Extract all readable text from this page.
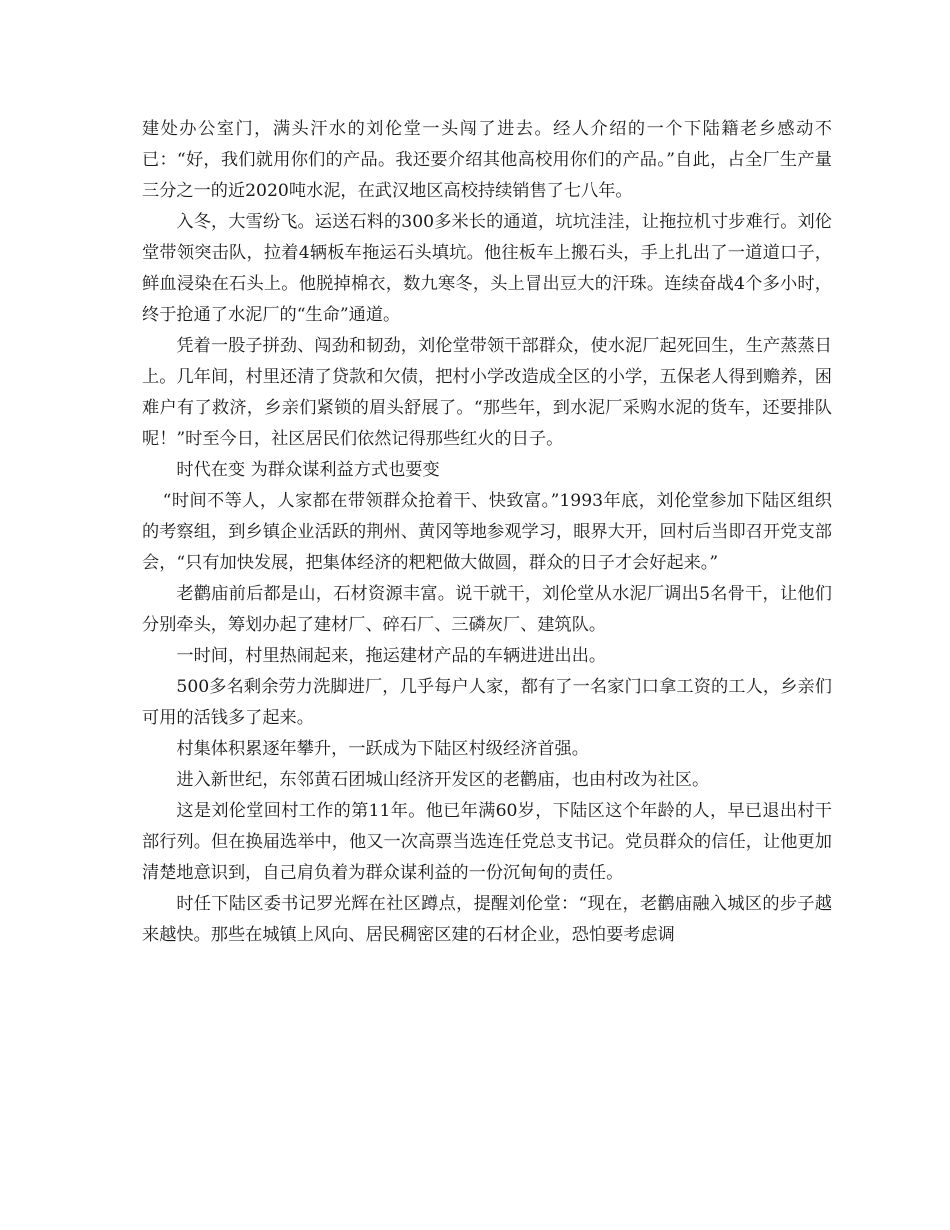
建处办公室门，满头汗水的刘伦堂一头闯了进去。经人介绍的一个下陆籍老乡感动不已：“好，我们就用你们的产品。我还要介绍其他高校用你们的产品。”自此，占全厂生产量三分之一的近2020吨水泥，在武汉地区高校持续销售了七八年。

入冬，大雪纷飞。运送石料的300多米长的通道，坑坑洼洼，让拖拉机寸步难行。刘伦堂带领突击队，拉着4辆板车拖运石头填坑。他往板车上搬石头，手上扎出了一道道口子，鲜血浸染在石头上。他脱掉棉衣，数九寒冬，头上冒出豆大的汗珠。连续奋战4个多小时，终于抢通了水泥厂的“生命”通道。

凭着一股子拼劲、闯劲和韧劲，刘伦堂带领干部群众，使水泥厂起死回生，生产蒸蒸日上。几年间，村里还清了贷款和欠债，把村小学改造成全区的小学，五保老人得到赡养，困难户有了救济，乡亲们紧锁的眉头舒展了。“那些年，到水泥厂采购水泥的货车，还要排队呢！”时至今日，社区居民们依然记得那些红火的日子。

时代在变 为群众谋利益方式也要变

“时间不等人，人家都在带领群众抢着干、快致富。”1993年底，刘伦堂参加下陆区组织的考察组，到乡镇企业活跃的荆州、黄冈等地参观学习，眼界大开，回村后当即召开党支部会，“只有加快发展，把集体经济的粑粑做大做圆，群众的日子才会好起来。”

老鹳庙前后都是山，石材资源丰富。说干就干，刘伦堂从水泥厂调出5名骨干，让他们分别牵头，筹划办起了建材厂、碎石厂、三磷灰厂、建筑队。

一时间，村里热闹起来，拖运建材产品的车辆进进出出。

500多名剩余劳力洗脚进厂，几乎每户人家，都有了一名家门口拿工资的工人，乡亲们可用的活钱多了起来。

村集体积累逐年攀升，一跃成为下陆区村级经济首强。

进入新世纪，东邻黄石团城山经济开发区的老鹳庙，也由村改为社区。

这是刘伦堂回村工作的第11年。他已年满60岁，下陆区这个年龄的人，早已退出村干部行列。但在换届选举中，他又一次高票当选连任党总支书记。党员群众的信任，让他更加清楚地意识到，自己肩负着为群众谋利益的一份沉甸甸的责任。

时任下陆区委书记罗光辉在社区蹲点，提醒刘伦堂：“现在，老鹳庙融入城区的步子越来越快。那些在城镇上风向、居民稠密区建的石材企业，恐怕要考虑调
